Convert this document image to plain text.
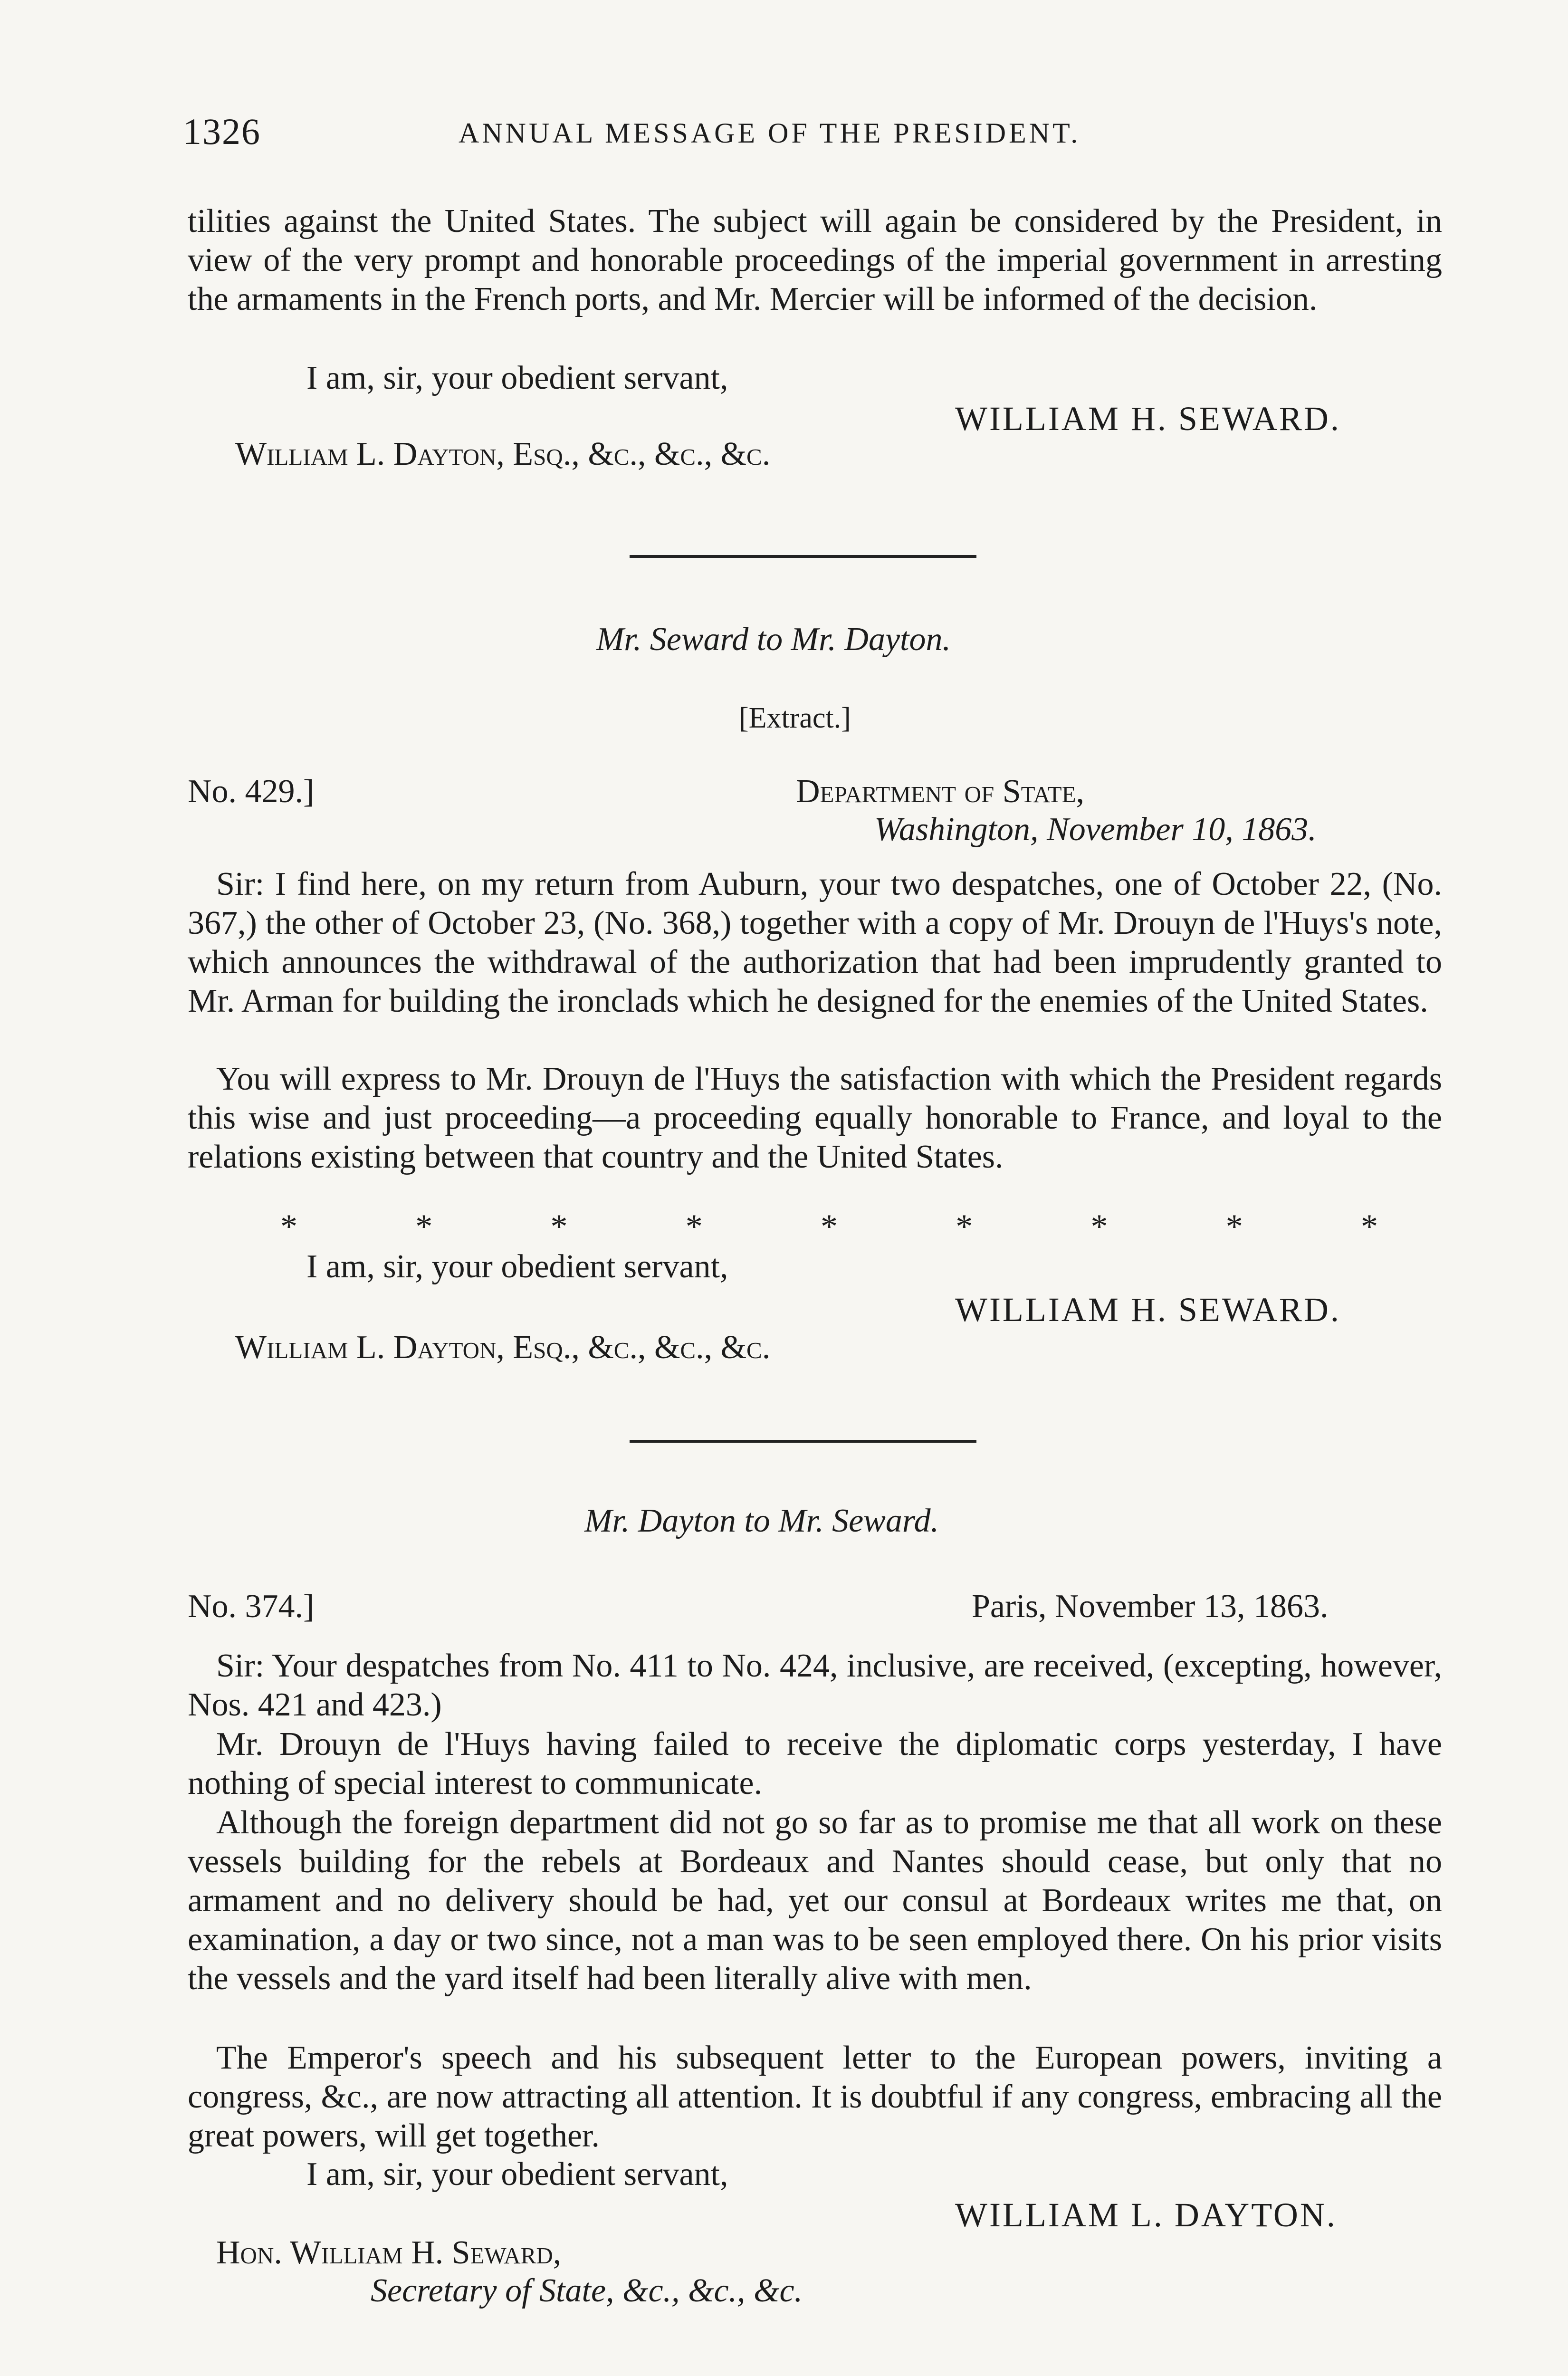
1326	ANNUAL MESSAGE OF THE PRESIDENT.

tilities against the United States. The subject will again be considered by the President, in view of the very prompt and honorable proceedings of the imperial government in arresting the armaments in the French ports, and Mr. Mercier will be informed of the decision.

I am, sir, your obedient servant,

WILLIAM H. SEWARD.

William L. Dayton, Esq., &c., &c., &c.

Mr. Seward to Mr. Dayton.

[Extract.]

No. 429.]	Department of State,

Washington, November 10, 1863.

Sir: I find here, on my return from Auburn, your two despatches, one of October 22, (No. 367,) the other of October 23, (No. 368,) together with a copy of Mr. Drouyn de l'Huys's note, which announces the withdrawal of the authorization that had been imprudently granted to Mr. Arman for building the ironclads which he designed for the enemies of the United States.

You will express to Mr. Drouyn de l'Huys the satisfaction with which the President regards this wise and just proceeding—a proceeding equally honorable to France, and loyal to the relations existing between that country and the United States.

*	*	*	*	*	*	*	*	*

I am, sir, your obedient servant,

WILLIAM H. SEWARD.

William L. Dayton, Esq., &c., &c., &c.

Mr. Dayton to Mr. Seward.

No. 374.]	Paris, November 13, 1863.

Sir: Your despatches from No. 411 to No. 424, inclusive, are received, (excepting, however, Nos. 421 and 423.)

Mr. Drouyn de l'Huys having failed to receive the diplomatic corps yesterday, I have nothing of special interest to communicate.

Although the foreign department did not go so far as to promise me that all work on these vessels building for the rebels at Bordeaux and Nantes should cease, but only that no armament and no delivery should be had, yet our consul at Bordeaux writes me that, on examination, a day or two since, not a man was to be seen employed there. On his prior visits the vessels and the yard itself had been literally alive with men.

The Emperor's speech and his subsequent letter to the European powers, inviting a congress, &c., are now attracting all attention. It is doubtful if any congress, embracing all the great powers, will get together.

I am, sir, your obedient servant,

WILLIAM L. DAYTON.

Hon. William H. Seward,

Secretary of State, &c., &c., &c.
